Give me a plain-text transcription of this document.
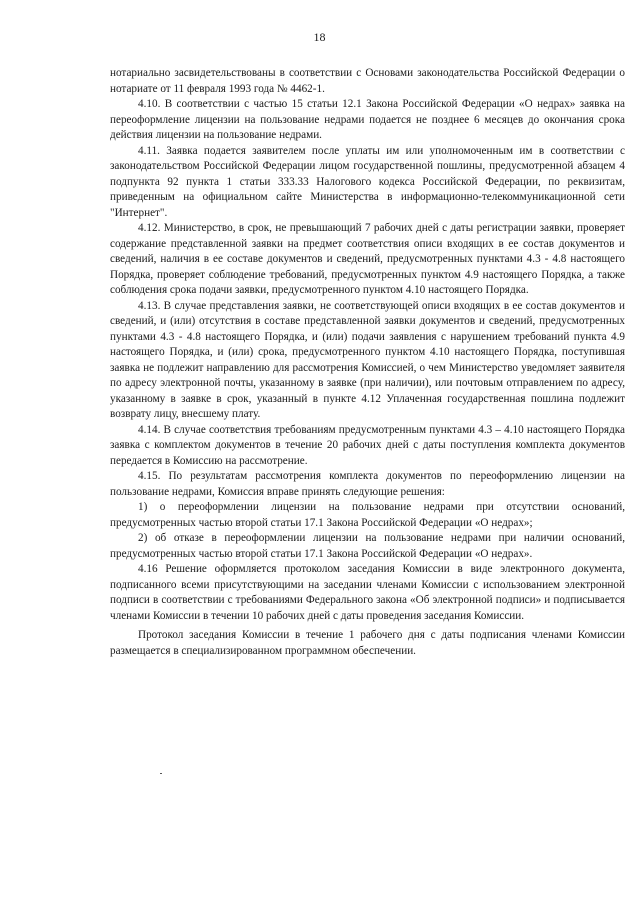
18

нотариально засвидетельствованы в соответствии с Основами законодательства Российской Федерации о нотариате от 11 февраля 1993 года № 4462-1.

4.10. В соответствии с частью 15 статьи 12.1 Закона Российской Федерации «О недрах» заявка на переоформление лицензии на пользование недрами подается не позднее 6 месяцев до окончания срока действия лицензии на пользование недрами.

4.11. Заявка подается заявителем после уплаты им или уполномоченным им в соответствии с законодательством Российской Федерации лицом государственной пошлины, предусмотренной абзацем 4 подпункта 92 пункта 1 статьи 333.33 Налогового кодекса Российской Федерации, по реквизитам, приведенным на официальном сайте Министерства в информационно-телекоммуникационной сети "Интернет".

4.12. Министерство, в срок, не превышающий 7 рабочих дней с даты регистрации заявки, проверяет содержание представленной заявки на предмет соответствия описи входящих в ее состав документов и сведений, наличия в ее составе документов и сведений, предусмотренных пунктами 4.3 - 4.8 настоящего Порядка, проверяет соблюдение требований, предусмотренных пунктом 4.9 настоящего Порядка, а также соблюдения срока подачи заявки, предусмотренного пунктом 4.10 настоящего Порядка.

4.13. В случае представления заявки, не соответствующей описи входящих в ее состав документов и сведений, и (или) отсутствия в составе представленной заявки документов и сведений, предусмотренных пунктами 4.3 - 4.8 настоящего Порядка, и (или) подачи заявления с нарушением требований пункта 4.9 настоящего Порядка, и (или) срока, предусмотренного пунктом 4.10 настоящего Порядка, поступившая заявка не подлежит направлению для рассмотрения Комиссией, о чем Министерство уведомляет заявителя по адресу электронной почты, указанному в заявке (при наличии), или почтовым отправлением по адресу, указанному в заявке в срок, указанный в пункте 4.12 Уплаченная государственная пошлина подлежит возврату лицу, внесшему плату.

4.14. В случае соответствия требованиям предусмотренным пунктами 4.3 – 4.10 настоящего Порядка заявка с комплектом документов в течение 20 рабочих дней с даты поступления комплекта документов передается в Комиссию на рассмотрение.

4.15. По результатам рассмотрения комплекта документов по переоформлению лицензии на пользование недрами, Комиссия вправе принять следующие решения:

1) о переоформлении лицензии на пользование недрами при отсутствии оснований, предусмотренных частью второй статьи 17.1 Закона Российской Федерации «О недрах»;

2) об отказе в переоформлении лицензии на пользование недрами при наличии оснований, предусмотренных частью второй статьи 17.1 Закона Российской Федерации «О недрах».

4.16 Решение оформляется протоколом заседания Комиссии в виде электронного документа, подписанного всеми присутствующими на заседании членами Комиссии с использованием электронной подписи в соответствии с требованиями Федерального закона «Об электронной подписи» и подписывается членами Комиссии в течении 10 рабочих дней с даты проведения заседания Комиссии.

Протокол заседания Комиссии в течение 1 рабочего дня с даты подписания членами Комиссии размещается в специализированном программном обеспечении.
